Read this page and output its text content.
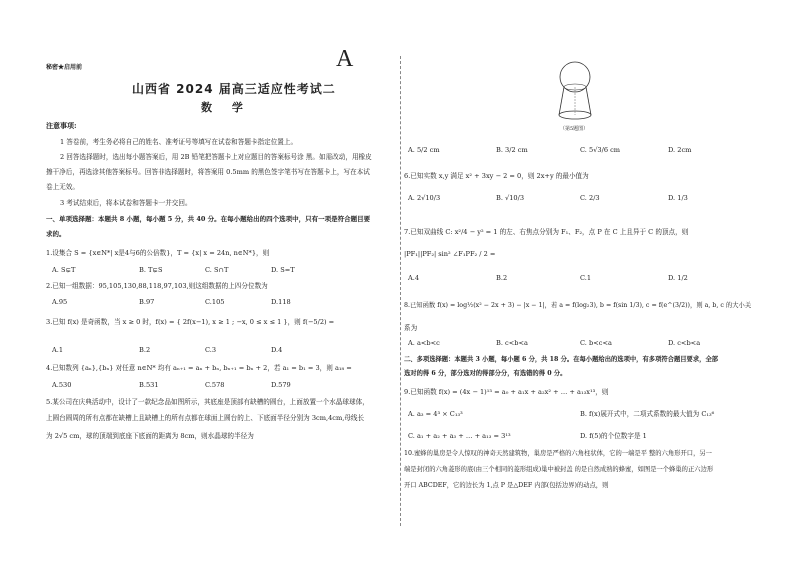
秘密★启用前	A
山西省 2024 届高三适应性考试二
数 学
注意事项:
1 答卷前，考生务必将自己的姓名、准考证号等填写在试卷和答题卡指定位置上。
2 回答选择题时，选出每小题答案后，用 2B 铅笔把答题卡上对应题目的答案标号涂 黑。如需改动，用橡皮
擦干净后，再选涂其他答案标号。回答非选择题时，将答案用 0.5mm 的黑色签字笔书写在答题卡上，写在本试
卷上无效。
3 考试结束后，将本试卷和答题卡一并交回。
一、单项选择题：本题共 8 小题，每小题 5 分，共 40 分。在每小题给出的四个选项中，只有一项是符合题目要
求的。
1.设集合 S = {x∈N*| x是4与6的公倍数}，T = {x| x = 24n, n∈N*}，则
A. S⊊T	B. T⊊S	C. S∩T	D. S=T
2.已知一组数据：95,105,130,88,118,97,103,则这组数据的上四分位数为
A.95	B.97	C.105	D.118
3.已知 f(x) 是奇函数，当 x ≥ 0 时，f(x) = { 2f(x−1), x ≥ 1 ; −x, 0 ≤ x ≤ 1 }，则 f(−5/2) =
A.1	B.2	C.3	D.4
4.已知数列 {aₙ},{bₙ} 对任意 n∈N* 均有 aₙ₊₁ = aₙ + bₙ, bₙ₊₁ = bₙ + 2，若 a₁ = b₁ = 3，则 a₁₈ =
A.530	B.531	C.578	D.579
5.某公司在庆典活动中，设计了一款纪念品如图所示，其底座是顶部有缺槽的圆台，上面放置一个水晶球球体，
上圆台圆周的所有点都在缺槽上且缺槽上的所有点都在球面上圆台的上、下底面半径分别为 3cm,4cm,母线长
为 2√5 cm，球的顶端到底座下底面的距离为 8cm，则水晶球的半径为
（第5题图）
A. 5/2 cm	B. 3/2 cm	C. 5√3/6 cm	D. 2cm
6.已知实数 x,y 满足 x² + 3xy − 2 = 0，则 2x+y 的最小值为
A. 2√10/3	B. √10/3	C. 2/3	D. 1/3
7.已知双曲线 C: x²/4 − y² = 1 的左、右焦点分别为 F₁、F₂，点 P 在 C 上且异于 C 的顶点，则
|PF₁||PF₂| sin² ∠F₁PF₂ / 2 =
A.4	B.2	C.1	D. 1/2
8.已知函数 f(x) = log½(x² − 2x + 3) − |x − 1|，若 a = f(log₂3), b = f(sin 1/3), c = f(e^(3/2))，则 a, b, c 的大小关
系为
A. a<b<c	B. c<b<a	C. b<c<a	D. c<b<a
二、多项选择题：本题共 3 小题，每小题 6 分，共 18 分。在每小题给出的选项中，有多项符合题目要求，全部
选对的得 6 分，部分选对的得部分分，有选错的得 0 分。
9.已知函数 f(x) = (4x − 1)¹³ = a₀ + a₁x + a₂x² + … + a₁₃x¹³，则
A. a₃ = 4³ × C₁₃³	B. f(x)展开式中，二项式系数的最大值为 C₁₃⁶
C. a₁ + a₂ + a₃ + … + a₁₃ = 3¹³	D. f(5)的个位数字是 1
10.蜜蜂的巢房是令人惊叹的神奇天然建筑物，巢房是严格的六角柱状体，它的一端是平 整的六角形开口，另一
端是封闭的六角菱形的底(由三个相同的菱形组成)巢中被封盖 的是自然成熟的蜂蜜，如图是一个蜂巢的正六边形
开口 ABCDEF，它的边长为 1,点 P 是△DEF 内部(包括边界)的动点，则
